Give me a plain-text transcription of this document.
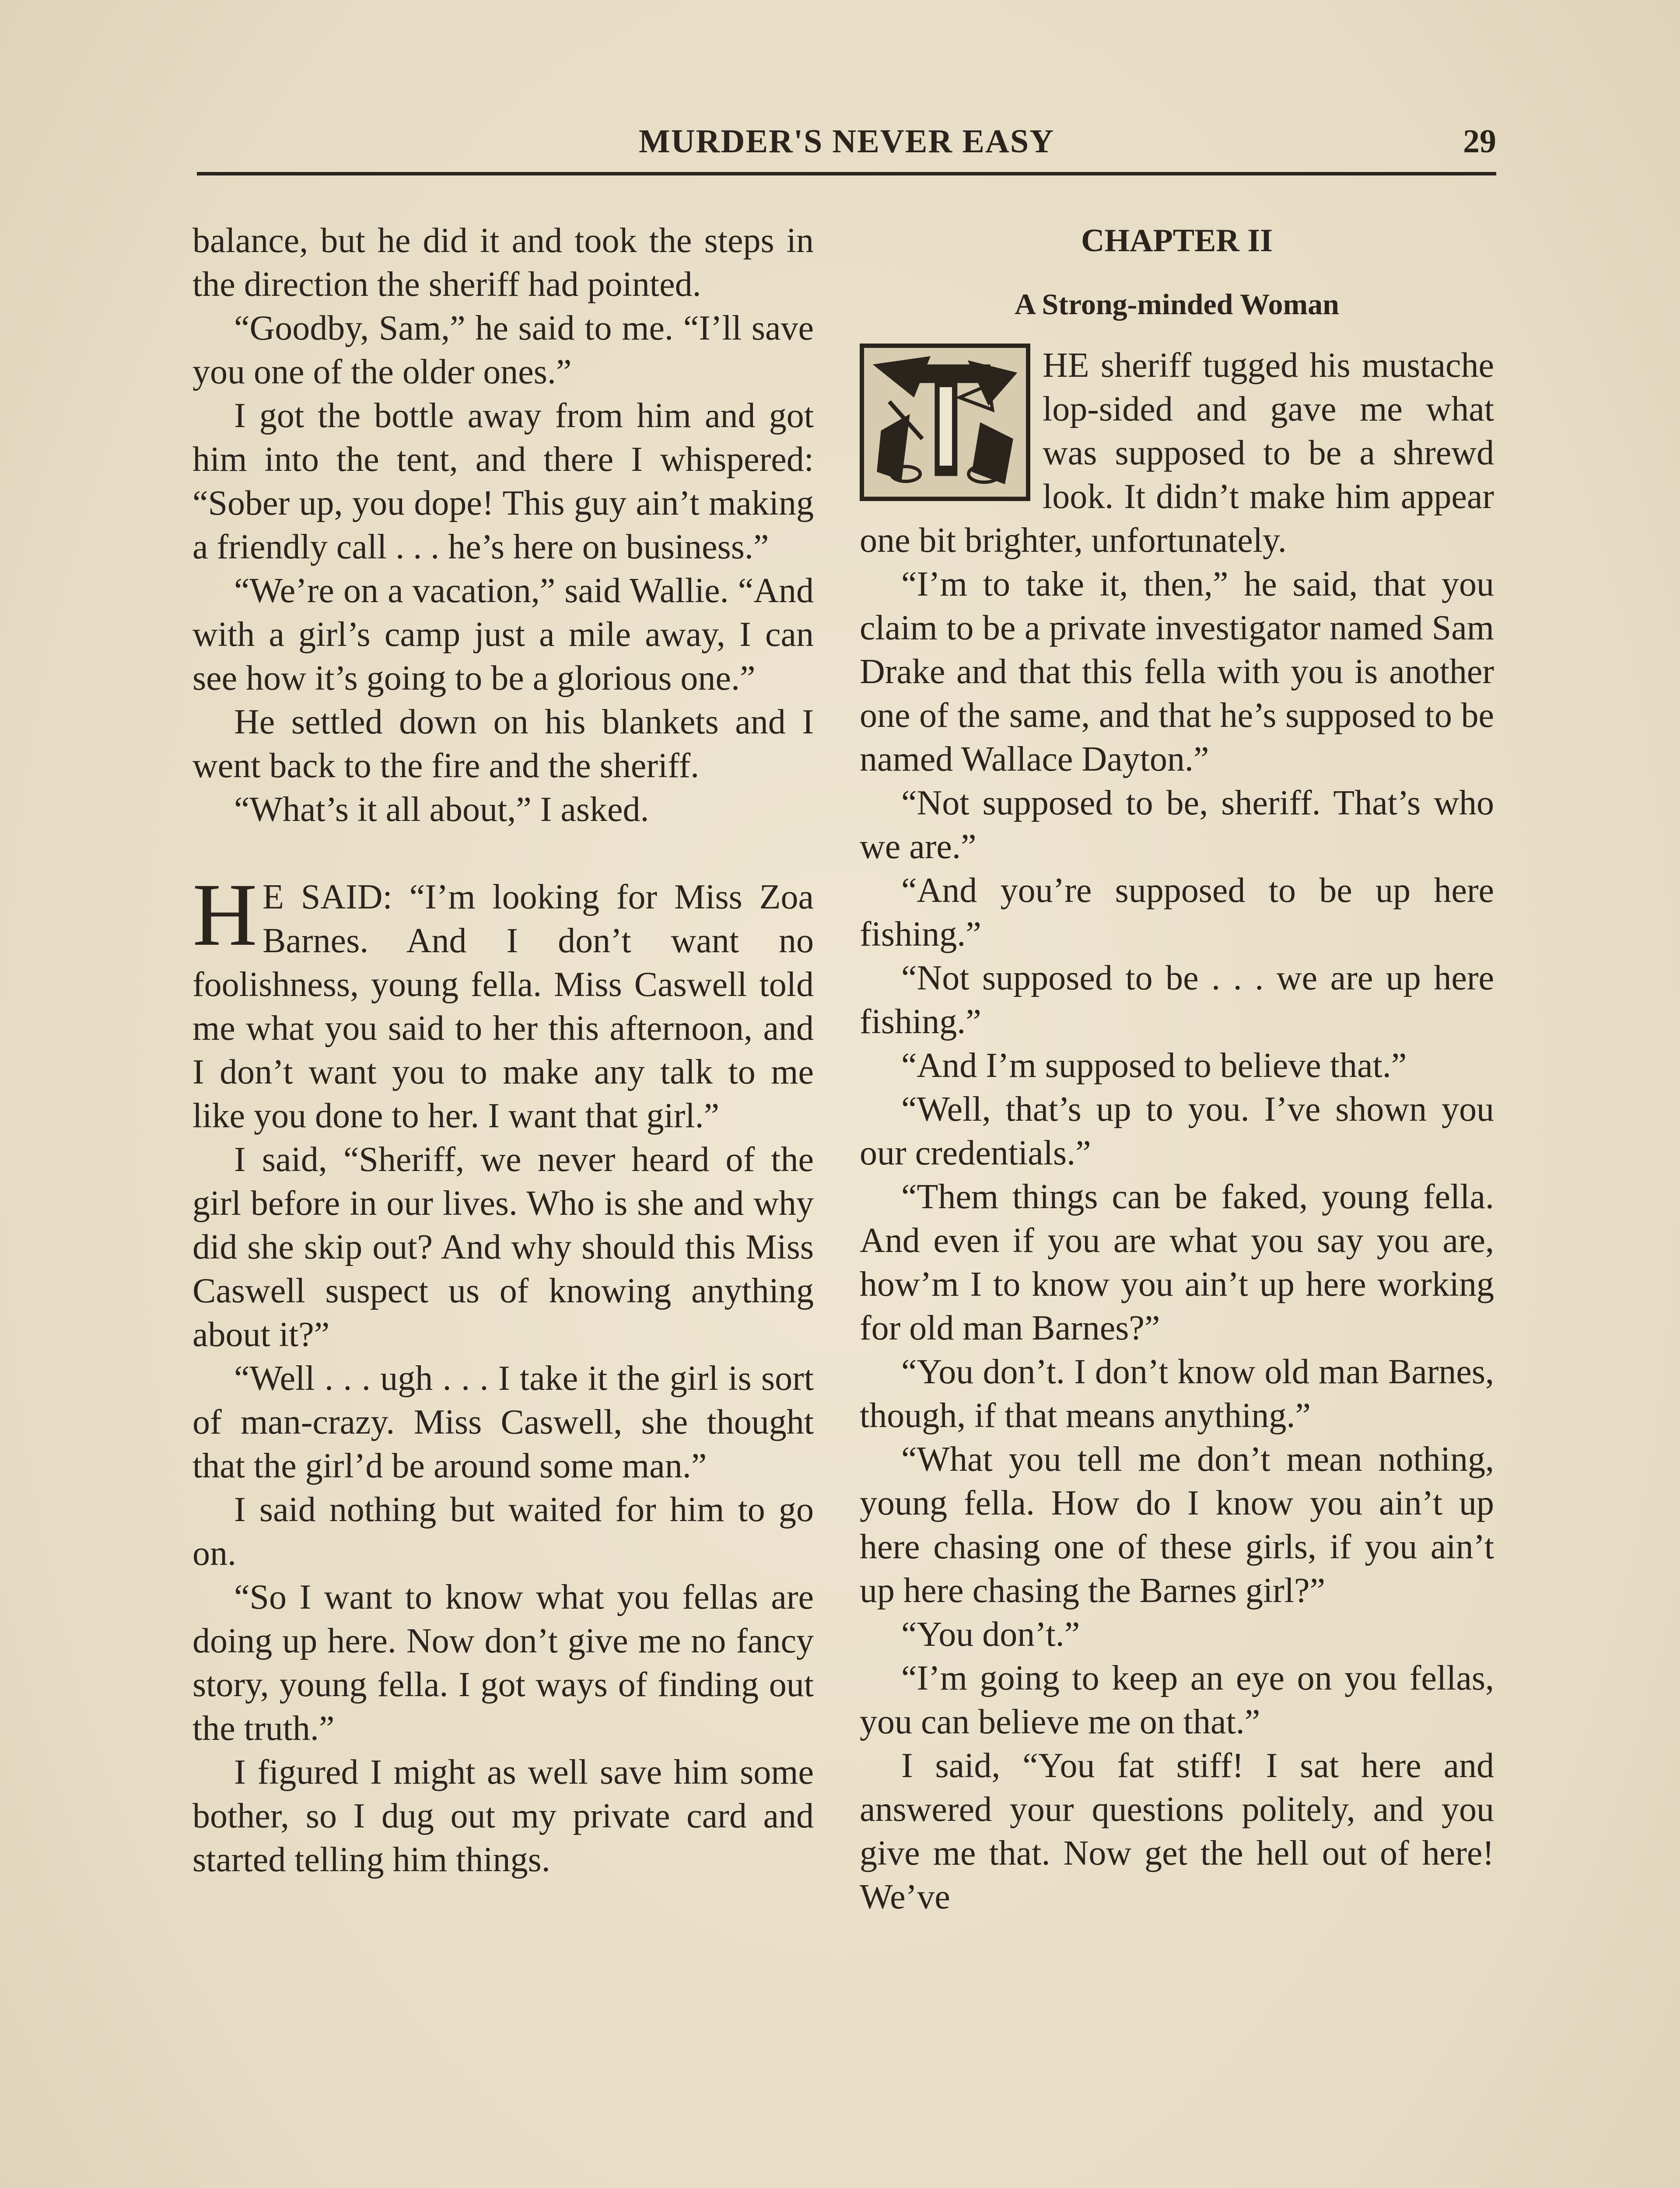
MURDER'S NEVER EASY	29

balance, but he did it and took the steps in the direction the sheriff had pointed.

“Goodby, Sam,” he said to me. “I’ll save you one of the older ones.”

I got the bottle away from him and got him into the tent, and there I whispered: “Sober up, you dope! This guy ain’t making a friendly call . . . he’s here on business.”

“We’re on a vacation,” said Wallie. “And with a girl’s camp just a mile away, I can see how it’s going to be a glorious one.”

He settled down on his blankets and I went back to the fire and the sheriff.

“What’s it all about,” I asked.

H E SAID: “I’m looking for Miss Zoa Barnes. And I don’t want no foolishness, young fella. Miss Caswell told me what you said to her this afternoon, and I don’t want you to make any talk to me like you done to her. I want that girl.”

I said, “Sheriff, we never heard of the girl before in our lives. Who is she and why did she skip out? And why should this Miss Caswell suspect us of knowing anything about it?”

“Well . . . ugh . . . I take it the girl is sort of man-crazy. Miss Caswell, she thought that the girl’d be around some man.”

I said nothing but waited for him to go on.

“So I want to know what you fellas are doing up here. Now don’t give me no fancy story, young fella. I got ways of finding out the truth.”

I figured I might as well save him some bother, so I dug out my private card and started telling him things.

CHAPTER II
A Strong-minded Woman

HE sheriff tugged his mustache lop-sided and gave me what was supposed to be a shrewd look. It didn’t make him appear one bit brighter, unfortunately.

“I’m to take it, then,” he said, that you claim to be a private investigator named Sam Drake and that this fella with you is another one of the same, and that he’s supposed to be named Wallace Dayton.”

“Not supposed to be, sheriff. That’s who we are.”

“And you’re supposed to be up here fishing.”

“Not supposed to be . . . we are up here fishing.”

“And I’m supposed to believe that.”

“Well, that’s up to you. I’ve shown you our credentials.”

“Them things can be faked, young fella. And even if you are what you say you are, how’m I to know you ain’t up here working for old man Barnes?”

“You don’t. I don’t know old man Barnes, though, if that means anything.”

“What you tell me don’t mean nothing, young fella. How do I know you ain’t up here chasing one of these girls, if you ain’t up here chasing the Barnes girl?”

“You don’t.”

“I’m going to keep an eye on you fellas, you can believe me on that.”

I said, “You fat stiff! I sat here and answered your questions politely, and you give me that. Now get the hell out of here! We’ve
